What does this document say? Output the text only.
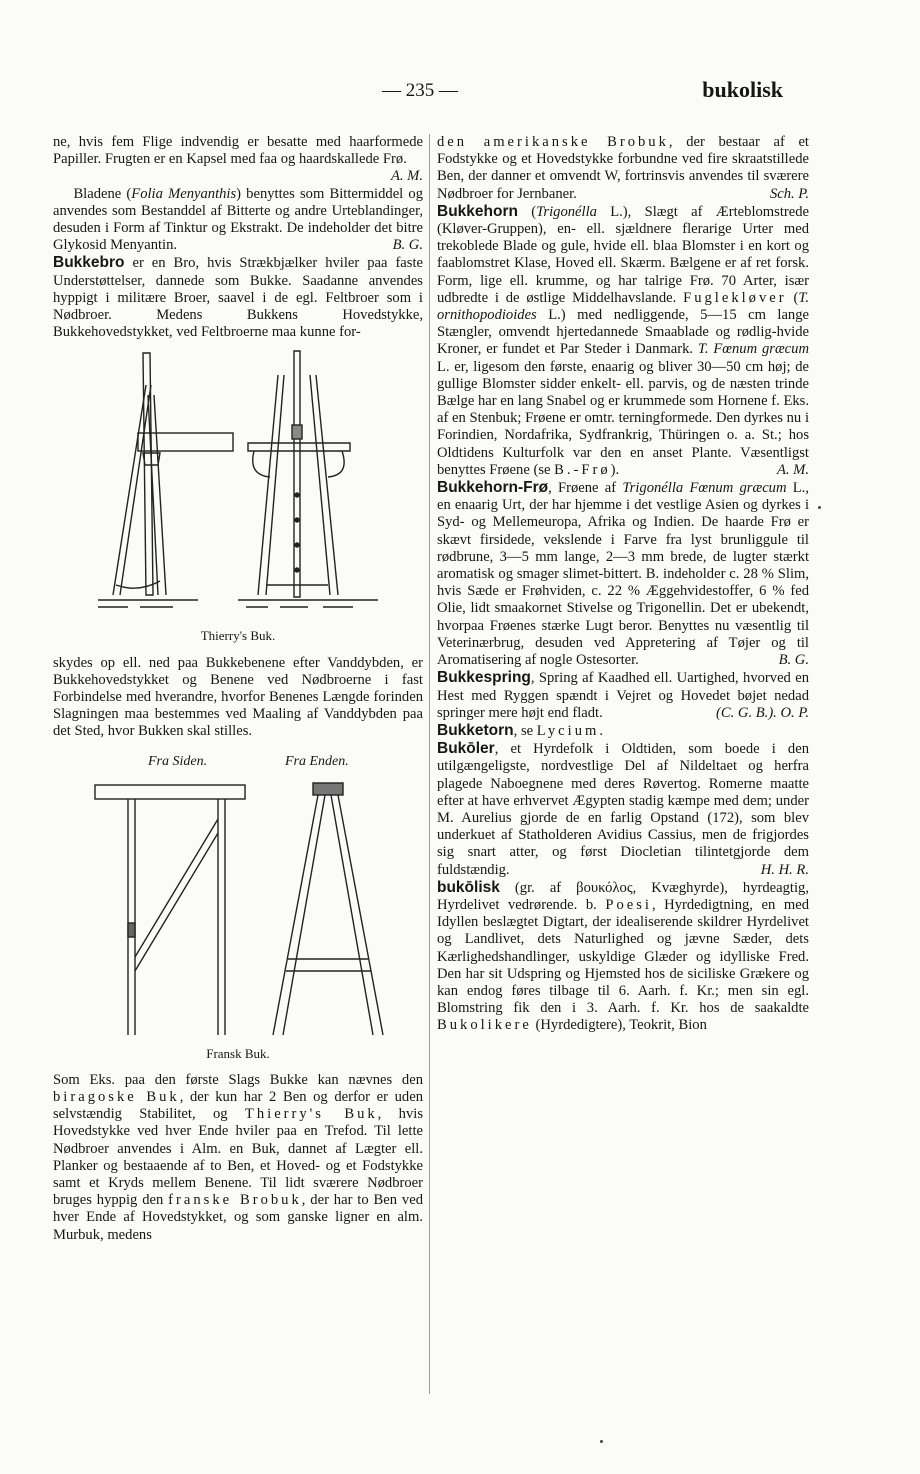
— 235 —	bukolisk

ne, hvis fem Flige indvendig er besatte med haarformede Papiller. Frugten er en Kapsel med faa og haardskallede Frø.
A. M.

Bladene (Folia Menyanthis) benyttes som Bittermiddel og anvendes som Bestanddel af Bitterte og andre Urteblandinger, desuden i Form af Tinktur og Ekstrakt. De indeholder det bitre Glykosid Menyantin.	B. G.

Bukkebro er en Bro, hvis Strækbjælker hviler paa faste Understøttelser, dannede som Bukke. Saadanne anvendes hyppigt i militære Broer, saavel i de egl. Feltbroer som i Nødbroer. Medens Bukkens Hovedstykke, Bukkehovedstykket, ved Feltbroerne maa kunne for-

Thierry's Buk.

skydes op ell. ned paa Bukkebenene efter Vanddybden, er Bukkehovedstykket og Benene ved Nødbroerne i fast Forbindelse med hverandre, hvorfor Benenes Længde forinden Slagningen maa bestemmes ved Maaling af Vanddybden paa det Sted, hvor Bukken skal stilles.

Fra Siden.	Fra Enden.
Fransk Buk.

Som Eks. paa den første Slags Bukke kan nævnes den biragoske Buk, der kun har 2 Ben og derfor er uden selvstændig Stabilitet, og Thierry's Buk, hvis Hovedstykke ved hver Ende hviler paa en Trefod. Til lette Nødbroer anvendes i Alm. en Buk, dannet af Lægter ell. Planker og bestaaende af to Ben, et Hoved- og et Fodstykke samt et Kryds mellem Benene. Til lidt sværere Nødbroer bruges hyppig den franske Brobuk, der har to Ben ved hver Ende af Hovedstykket, og som ganske ligner en alm. Murbuk, medens

den amerikanske Brobuk, der bestaar af et Fodstykke og et Hovedstykke forbundne ved fire skraatstillede Ben, der danner et omvendt W, fortrinsvis anvendes til sværere Nødbroer for Jernbaner.	Sch. P.

Bukkehorn (Trigonélla L.), Slægt af Ærteblomstrede (Kløver-Gruppen), en- ell. sjældnere flerarige Urter med trekoblede Blade og gule, hvide ell. blaa Blomster i en kort og faablomstret Klase, Hoved ell. Skærm. Bælgene er af ret forsk. Form, lige ell. krumme, og har talrige Frø. 70 Arter, især udbredte i de østlige Middelhavslande. Fuglekløver (T. ornithopodioides L.) med nedliggende, 5—15 cm lange Stængler, omvendt hjertedannede Smaablade og rødlig-hvide Kroner, er fundet et Par Steder i Danmark. T. Fœnum græcum L. er, ligesom den første, enaarig og bliver 30—50 cm høj; de gullige Blomster sidder enkelt- ell. parvis, og de næsten trinde Bælge har en lang Snabel og er krummede som Hornene f. Eks. af en Stenbuk; Frøene er omtr. terningformede. Den dyrkes nu i Forindien, Nordafrika, Sydfrankrig, Thüringen o. a. St.; hos Oldtidens Kulturfolk var den en anset Plante. Væsentligst benyttes Frøene (se B.-Frø).	A. M.

Bukkehorn-Frø, Frøene af Trigonélla Fœnum græcum L., en enaarig Urt, der har hjemme i det vestlige Asien og dyrkes i Syd- og Mellemeuropa, Afrika og Indien. De haarde Frø er skævt firsidede, vekslende i Farve fra lyst brunliggule til rødbrune, 3—5 mm lange, 2—3 mm brede, de lugter stærkt aromatisk og smager slimet-bittert. B. indeholder c. 28 % Slim, hvis Sæde er Frøhviden, c. 22 % Æggehvidestoffer, 6 % fed Olie, lidt smaakornet Stivelse og Trigonellin. Det er ubekendt, hvorpaa Frøenes stærke Lugt beror. Benyttes nu væsentlig til Veterinærbrug, desuden ved Appretering af Tøjer og til Aromatisering af nogle Ostesorter.	B. G.

Bukkespring, Spring af Kaadhed ell. Uartighed, hvorved en Hest med Ryggen spændt i Vejret og Hovedet bøjet nedad springer mere højt end fladt.	(C. G. B.). O. P.

Bukketorn, se Lycium.

Bukōler, et Hyrdefolk i Oldtiden, som boede i den utilgængeligste, nordvestlige Del af Nildeltaet og herfra plagede Naboegnene med deres Røvertog. Romerne maatte efter at have erhvervet Ægypten stadig kæmpe med dem; under M. Aurelius gjorde de en farlig Opstand (172), som blev underkuet af Statholderen Avidius Cassius, men de frigjordes sig snart atter, og først Diocletian tilintetgjorde dem fuldstændig.	H. H. R.

bukōlisk (gr. af βουκόλος, Kvæghyrde), hyrdeagtig, Hyrdelivet vedrørende. b. Poesi, Hyrdedigtning, en med Idyllen beslægtet Digtart, der idealiserende skildrer Hyrdelivet og Landlivet, dets Naturlighed og jævne Sæder, dets Kærlighedshandlinger, uskyldige Glæder og idylliske Fred. Den har sit Udspring og Hjemsted hos de siciliske Grækere og kan endog føres tilbage til 6. Aarh. f. Kr.; men sin egl. Blomstring fik den i 3. Aarh. f. Kr. hos de saakaldte Bukolikere (Hyrdedigtere), Teokrit, Bion
